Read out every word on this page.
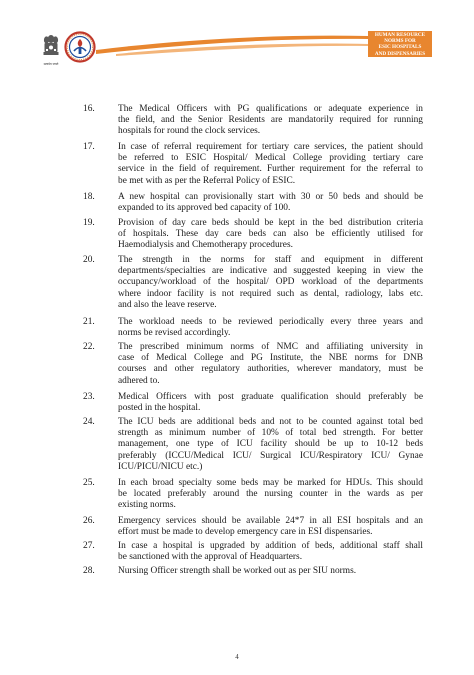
सत्यमेव जयते
HUMAN RESOURCE
NORMS FOR
ESIC HOSPITALS
AND DISPENSARIES
16.	The Medical Officers with PG qualifications or adequate experience in
the field, and the Senior Residents are mandatorily required for running
hospitals for round the clock services.
17.	In case of referral requirement for tertiary care services, the patient should
be referred to ESIC Hospital/ Medical College providing tertiary care
service in the field of requirement. Further requirement for the referral to
be met with as per the Referral Policy of ESIC.
18.	A new hospital can provisionally start with 30 or 50 beds and should be
expanded to its approved bed capacity of 100.
19.	Provision of day care beds should be kept in the bed distribution criteria
of hospitals. These day care beds can also be efficiently utilised for
Haemodialysis and Chemotherapy procedures.
20.	The strength in the norms for staff and equipment in different
departments/specialties are indicative and suggested keeping in view the
occupancy/workload of the hospital/ OPD workload of the departments
where indoor facility is not required such as dental, radiology, labs etc.
and also the leave reserve.
21.	The workload needs to be reviewed periodically every three years and
norms be revised accordingly.
22.	The prescribed minimum norms of NMC and affiliating university in
case of Medical College and PG Institute, the NBE norms for DNB
courses and other regulatory authorities, wherever mandatory, must be
adhered to.
23.	Medical Officers with post graduate qualification should preferably be
posted in the hospital.
24.	The ICU beds are additional beds and not to be counted against total bed
strength as minimum number of 10% of total bed strength. For better
management, one type of ICU facility should be up to 10-12 beds
preferably (ICCU/Medical ICU/ Surgical ICU/Respiratory ICU/ Gynae
ICU/PICU/NICU etc.)
25.	In each broad specialty some beds may be marked for HDUs. This should
be located preferably around the nursing counter in the wards as per
existing norms.
26.	Emergency services should be available 24*7 in all ESI hospitals and an
effort must be made to develop emergency care in ESI dispensaries.
27.	In case a hospital is upgraded by addition of beds, additional staff shall
be sanctioned with the approval of Headquarters.
28.	Nursing Officer strength shall be worked out as per SIU norms.
4
